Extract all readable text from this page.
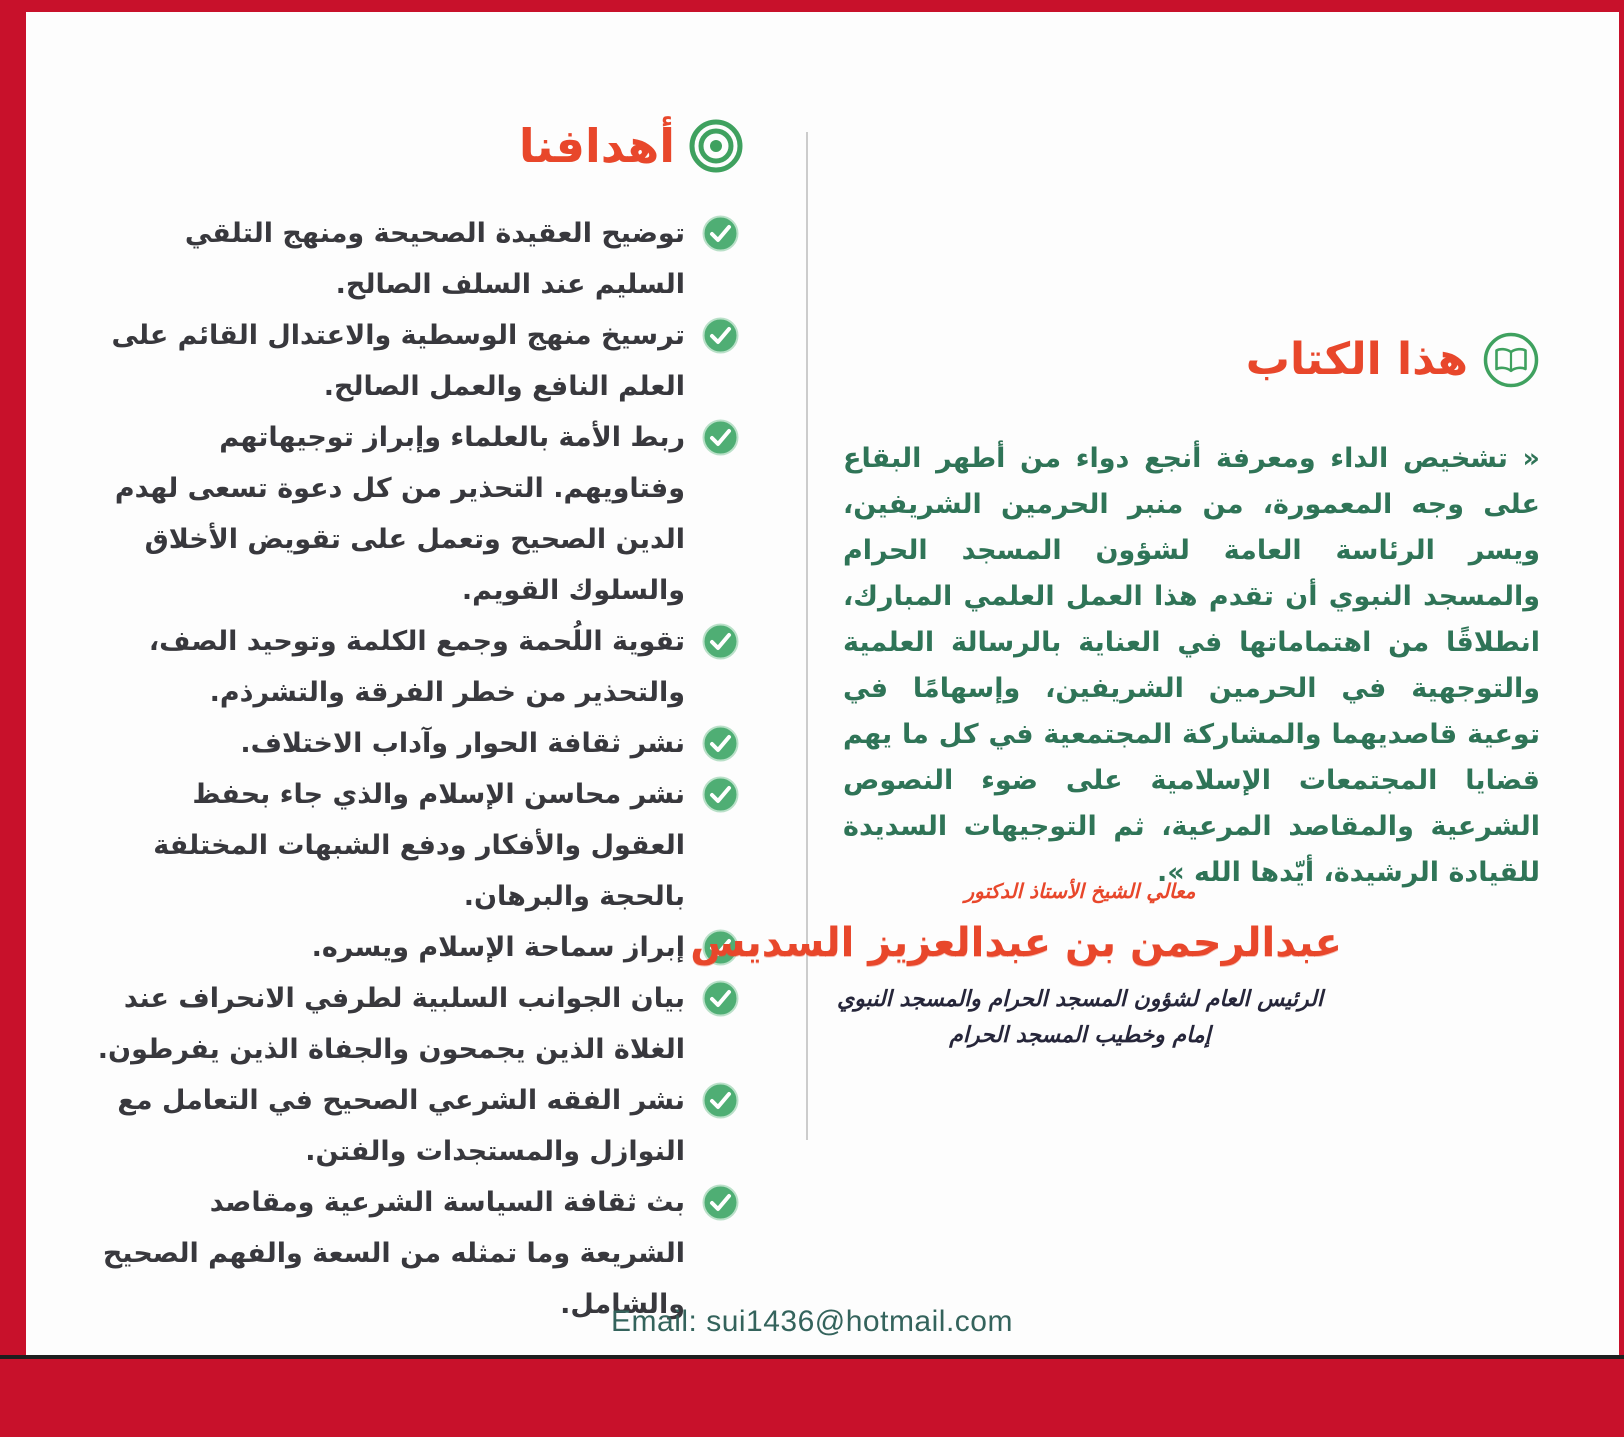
أهدافنا
توضيح العقيدة الصحيحة ومنهج التلقي السليم عند السلف الصالح.
ترسيخ منهج الوسطية والاعتدال القائم على العلم النافع والعمل الصالح.
ربط الأمة بالعلماء وإبراز توجيهاتهم وفتاويهم. التحذير من كل دعوة تسعى لهدم الدين الصحيح وتعمل على تقويض الأخلاق والسلوك القويم.
تقوية اللُحمة وجمع الكلمة وتوحيد الصف، والتحذير من خطر الفرقة والتشرذم.
نشر ثقافة الحوار وآداب الاختلاف.
نشر محاسن الإسلام والذي جاء بحفظ العقول والأفكار ودفع الشبهات المختلفة بالحجة والبرهان.
إبراز سماحة الإسلام ويسره.
بيان الجوانب السلبية لطرفي الانحراف عند الغلاة الذين يجمحون والجفاة الذين يفرطون.
نشر الفقه الشرعي الصحيح في التعامل مع النوازل والمستجدات والفتن.
بث ثقافة السياسة الشرعية ومقاصد الشريعة وما تمثله من السعة والفهم الصحيح والشامل.
هذا الكتاب

« تشخيص الداء ومعرفة أنجع دواء من أطهر البقاع على وجه المعمورة، من منبر الحرمين الشريفين، ويسر الرئاسة العامة لشؤون المسجد الحرام والمسجد النبوي أن تقدم هذا العمل العلمي المبارك، انطلاقًا من اهتماماتها في العناية بالرسالة العلمية والتوجهية في الحرمين الشريفين، وإسهامًا في توعية قاصديهما والمشاركة المجتمعية في كل ما يهم قضايا المجتمعات الإسلامية على ضوء النصوص الشرعية والمقاصد المرعية، ثم التوجيهات السديدة للقيادة الرشيدة، أيّدها الله ».

معالي الشيخ الأستاذ الدكتور
عبدالرحمن بن عبدالعزيز السديس
الرئيس العام لشؤون المسجد الحرام والمسجد النبوي
إمام وخطيب المسجد الحرام
Email: sui1436@hotmail.com
